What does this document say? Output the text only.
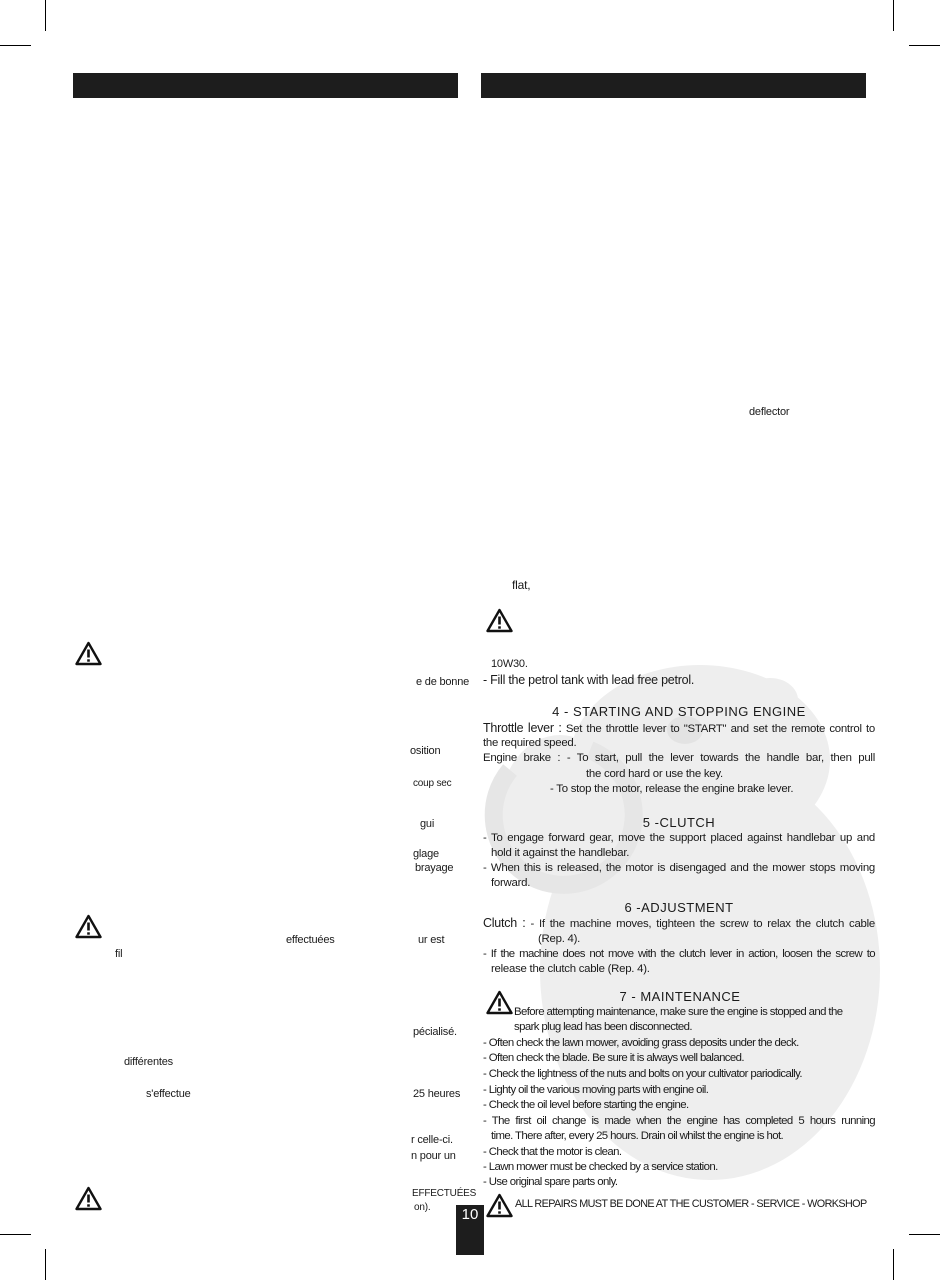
e de bonne
osition
coup sec
gui
glage
brayage
effectuées	ur est
fil
pécialisé.
différentes
s'effectue	25 heures
r celle-ci.
n pour un
EFFECTUÉES
on).
deflector
flat,
10W30.
- Fill the petrol tank with lead free petrol.
4 - STARTING AND STOPPING ENGINE
Throttle lever : Set the throttle lever to "START" and set the remote control to
the required speed.
Engine brake : - To start, pull the lever towards the handle bar, then pull
the cord hard or use the key.
- To stop the motor, release the engine brake lever.
5 -CLUTCH
- To engage forward gear, move the support placed against handlebar up and
hold it against the handlebar.
- When this is released, the motor is disengaged and the mower stops moving
forward.
6 -ADJUSTMENT
Clutch : - If the machine moves, tighteen the screw to relax the clutch cable
(Rep. 4).
- If the machine does not move with the clutch lever in action, loosen the screw to
release the clutch cable (Rep. 4).
7 - MAINTENANCE
Before attempting maintenance, make sure the engine is stopped and the
spark plug lead has been disconnected.
- Often check the lawn mower, avoiding grass deposits under the deck.
- Often check the blade. Be sure it is always well balanced.
- Check the lightness of the nuts and bolts on your cultivator pariodically.
- Lighty oil the various moving parts with engine oil.
- Check the oil level before starting the engine.
- The first oil change is made when the engine has completed 5 hours running
time. There after, every 25 hours. Drain oil whilst the engine is hot.
- Check that the motor is clean.
- Lawn mower must be checked by a service station.
- Use original spare parts only.
ALL REPAIRS MUST BE DONE AT THE CUSTOMER - SERVICE - WORKSHOP
10
